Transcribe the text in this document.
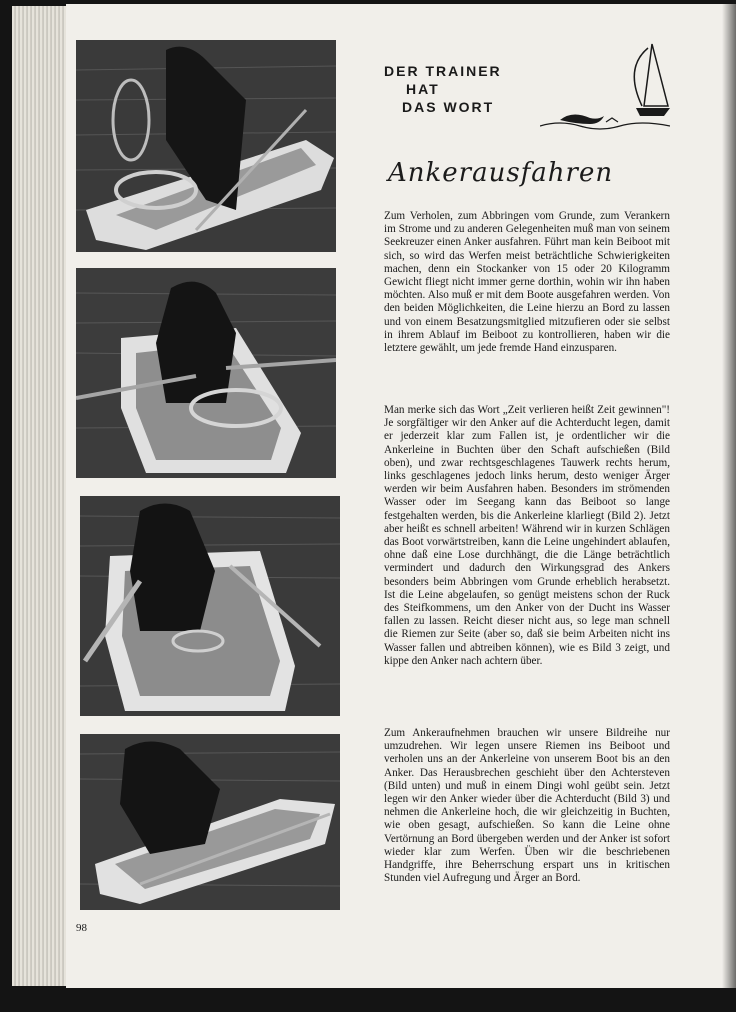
DER TRAINER
HAT
DAS WORT
Ankerausfahren
Zum Verholen, zum Abbringen vom Grunde, zum Verankern im Strome und zu anderen Gelegenheiten muß man von seinem Seekreuzer einen Anker ausfahren. Führt man kein Beiboot mit sich, so wird das Werfen meist beträchtliche Schwierigkeiten machen, denn ein Stockanker von 15 oder 20 Kilogramm Gewicht fliegt nicht immer gerne dorthin, wohin wir ihn haben möchten. Also muß er mit dem Boote ausgefahren werden. Von den beiden Möglichkeiten, die Leine hierzu an Bord zu lassen und von einem Besatzungsmitglied mitzufieren oder sie selbst in ihrem Ablauf im Beiboot zu kontrollieren, haben wir die letztere gewählt, um jede fremde Hand einzusparen.
Man merke sich das Wort „Zeit verlieren heißt Zeit gewinnen"! Je sorgfältiger wir den Anker auf die Achterducht legen, damit er jederzeit klar zum Fallen ist, je ordentlicher wir die Ankerleine in Buchten über den Schaft aufschießen (Bild oben), und zwar rechtsgeschlagenes Tauwerk rechts herum, links geschlagenes jedoch links herum, desto weniger Ärger werden wir beim Ausfahren haben. Besonders im strömenden Wasser oder im Seegang kann das Beiboot so lange festgehalten werden, bis die Ankerleine klarliegt (Bild 2). Jetzt aber heißt es schnell arbeiten! Während wir in kurzen Schlägen das Boot vorwärtstreiben, kann die Leine ungehindert ablaufen, ohne daß eine Lose durchhängt, die die Länge beträchtlich vermindert und dadurch den Wirkungsgrad des Ankers besonders beim Abbringen vom Grunde erheblich herabsetzt. Ist die Leine abgelaufen, so genügt meistens schon der Ruck des Steifkommens, um den Anker von der Ducht ins Wasser fallen zu lassen. Reicht dieser nicht aus, so lege man schnell die Riemen zur Seite (aber so, daß sie beim Arbeiten nicht ins Wasser fallen und abtreiben können), wie es Bild 3 zeigt, und kippe den Anker nach achtern über.
Zum Ankeraufnehmen brauchen wir unsere Bildreihe nur umzudrehen. Wir legen unsere Riemen ins Beiboot und verholen uns an der Ankerleine von unserem Boot bis an den Anker. Das Herausbrechen geschieht über den Achtersteven (Bild unten) und muß in einem Dingi wohl geübt sein. Jetzt legen wir den Anker wieder über die Achterducht (Bild 3) und nehmen die Ankerleine hoch, die wir gleichzeitig in Buchten, wie oben gesagt, aufschießen. So kann die Leine ohne Vertörnung an Bord übergeben werden und der Anker ist sofort wieder klar zum Werfen. Üben wir die beschriebenen Handgriffe, ihre Beherrschung erspart uns in kritischen Stunden viel Aufregung und Ärger an Bord.
98
